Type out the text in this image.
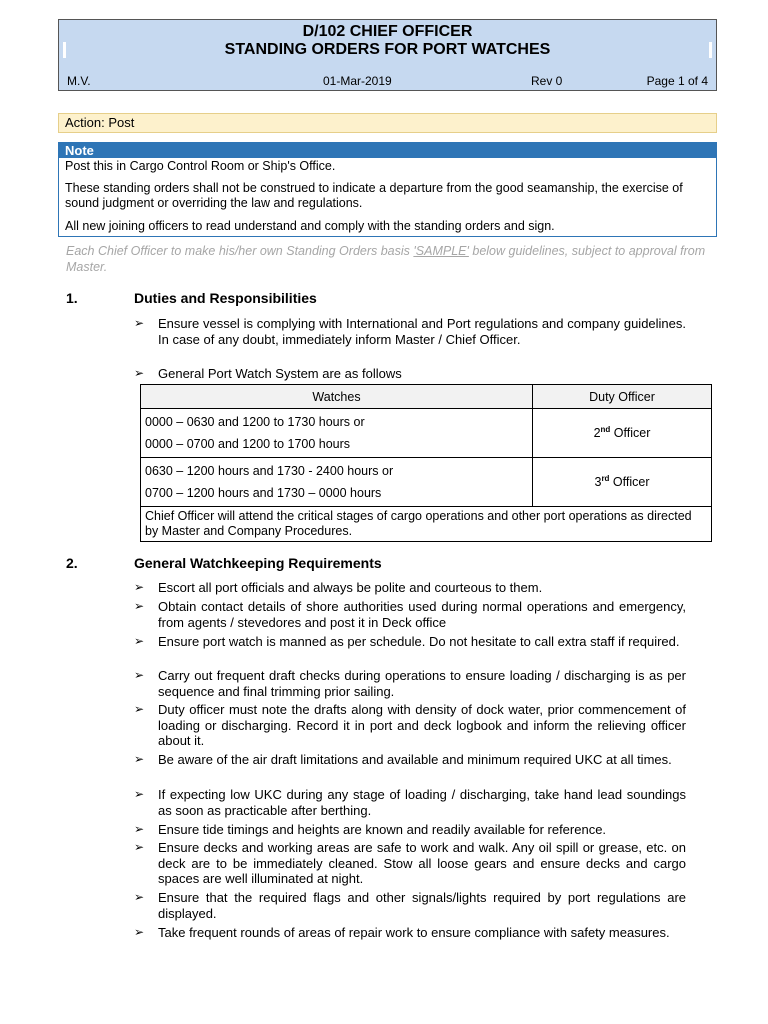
D/102 CHIEF OFFICER
STANDING ORDERS FOR PORT WATCHES
M.V.	01-Mar-2019	Rev 0	Page 1 of 4
Action: Post
Note

Post this in Cargo Control Room or Ship's Office.

These standing orders shall not be construed to indicate a departure from the good seamanship, the exercise of sound judgment or overriding the law and regulations.

All new joining officers to read understand and comply with the standing orders and sign.

Each Chief Officer to make his/her own Standing Orders basis 'SAMPLE' below guidelines, subject to approval from Master.
1.	Duties and Responsibilities
➢ Ensure vessel is complying with International and Port regulations and company guidelines. In case of any doubt, immediately inform Master / Chief Officer.
➢ General Port Watch System are as follows
Watches	Duty Officer

0000 – 0630 and 1200 to 1730 hours or
0000 – 0700 and 1200 to 1700 hours	2nd Officer

0630 – 1200 hours and 1730 - 2400 hours or
0700 – 1200 hours and 1730 – 0000 hours	3rd Officer
Chief Officer will attend the critical stages of cargo operations and other port operations as directed by Master and Company Procedures.	
2.	General Watchkeeping Requirements
➢ Escort all port officials and always be polite and courteous to them.
➢ Obtain contact details of shore authorities used during normal operations and emergency, from agents / stevedores and post it in Deck office
➢ Ensure port watch is manned as per schedule. Do not hesitate to call extra staff if required.
➢ Carry out frequent draft checks during operations to ensure loading / discharging is as per sequence and final trimming prior sailing.
➢ Duty officer must note the drafts along with density of dock water, prior commencement of loading or discharging. Record it in port and deck logbook and inform the relieving officer about it.
➢ Be aware of the air draft limitations and available and minimum required UKC at all times.
➢ If expecting low UKC during any stage of loading / discharging, take hand lead soundings as soon as practicable after berthing.
➢ Ensure tide timings and heights are known and readily available for reference.
➢ Ensure decks and working areas are safe to work and walk. Any oil spill or grease, etc. on deck are to be immediately cleaned. Stow all loose gears and ensure decks and cargo spaces are well illuminated at night.
➢ Ensure that the required flags and other signals/lights required by port regulations are displayed.
➢ Take frequent rounds of areas of repair work to ensure compliance with safety measures.
